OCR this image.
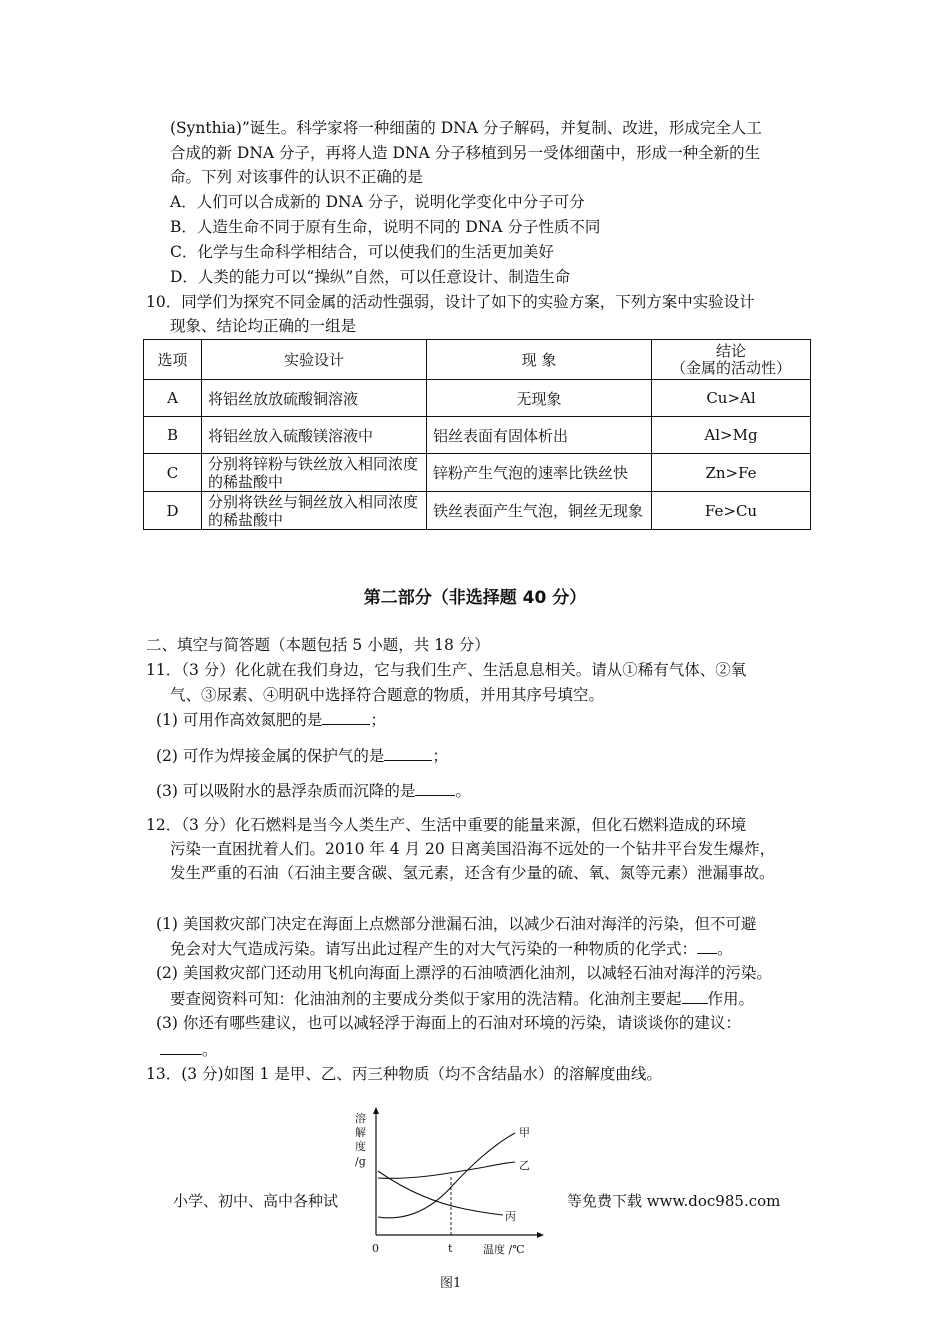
(Synthia)”诞生。科学家将一种细菌的 DNA 分子解码，并复制、改进，形成完全人工
合成的新 DNA 分子，再将人造 DNA 分子移植到另一受体细菌中，形成一种全新的生
命。下列 对该事件的认识不正确的是
A．人们可以合成新的 DNA 分子，说明化学变化中分子可分
B．人造生命不同于原有生命，说明不同的 DNA 分子性质不同
C．化学与生命科学相结合，可以使我们的生活更加美好
D．人类的能力可以“操纵”自然，可以任意设计、制造生命
10．同学们为探究不同金属的活动性强弱，设计了如下的实验方案，下列方案中实验设计
现象、结论均正确的一组是
选项	实验设计	现 象	结论
（金属的活动性）

A	将铝丝放放硫酸铜溶液	无现象	Cu>Al
B	将铝丝放入硫酸镁溶液中	铝丝表面有固体析出	Al>Mg
C	分别将锌粉与铁丝放入相同浓度的稀盐酸中	锌粉产生气泡的速率比铁丝快	Zn>Fe
D	分别将铁丝与铜丝放入相同浓度的稀盐酸中	铁丝表面产生气泡，铜丝无现象	Fe>Cu
第二部分（非选择题 40 分）
二、填空与简答题（本题包括 5 小题，共 18 分）
11．（3 分）化化就在我们身边，它与我们生产、生活息息相关。请从①稀有气体、②氧
气、③尿素、④明矾中选择符合题意的物质，并用其序号填空。
(1) 可用作高效氮肥的是	；
(2) 可作为焊接金属的保护气的是	；
(3) 可以吸附水的悬浮杂质而沉降的是	。
12．（3 分）化石燃料是当今人类生产、生活中重要的能量来源，但化石燃料造成的环境
污染一直困扰着人们。2010 年 4 月 20 日离美国沿海不远处的一个钻井平台发生爆炸，
发生严重的石油（石油主要含碳、氢元素，还含有少量的硫、氧、氮等元素）泄漏事故。
(1) 美国救灾部门决定在海面上点燃部分泄漏石油，以减少石油对海洋的污染，但不可避
免会对大气造成污染。请写出此过程产生的对大气污染的一种物质的化学式： 。
(2) 美国救灾部门还动用飞机向海面上漂浮的石油喷洒化油剂，以减轻石油对海洋的污染。
要查阅资料可知：化油油剂的主要成分类似于家用的洗洁精。化油剂主要起 作用。
(3) 你还有哪些建议，也可以减轻浮于海面上的石油对环境的污染，请谈谈你的建议：
。
13．(3 分)如图 1 是甲、乙、丙三种物质（均不含结晶水）的溶解度曲线。
小学、初中、高中各种试	等免费下载 www.doc985.com
溶
解
度
/g
0	t	温度 /℃
甲
乙
丙
图1
